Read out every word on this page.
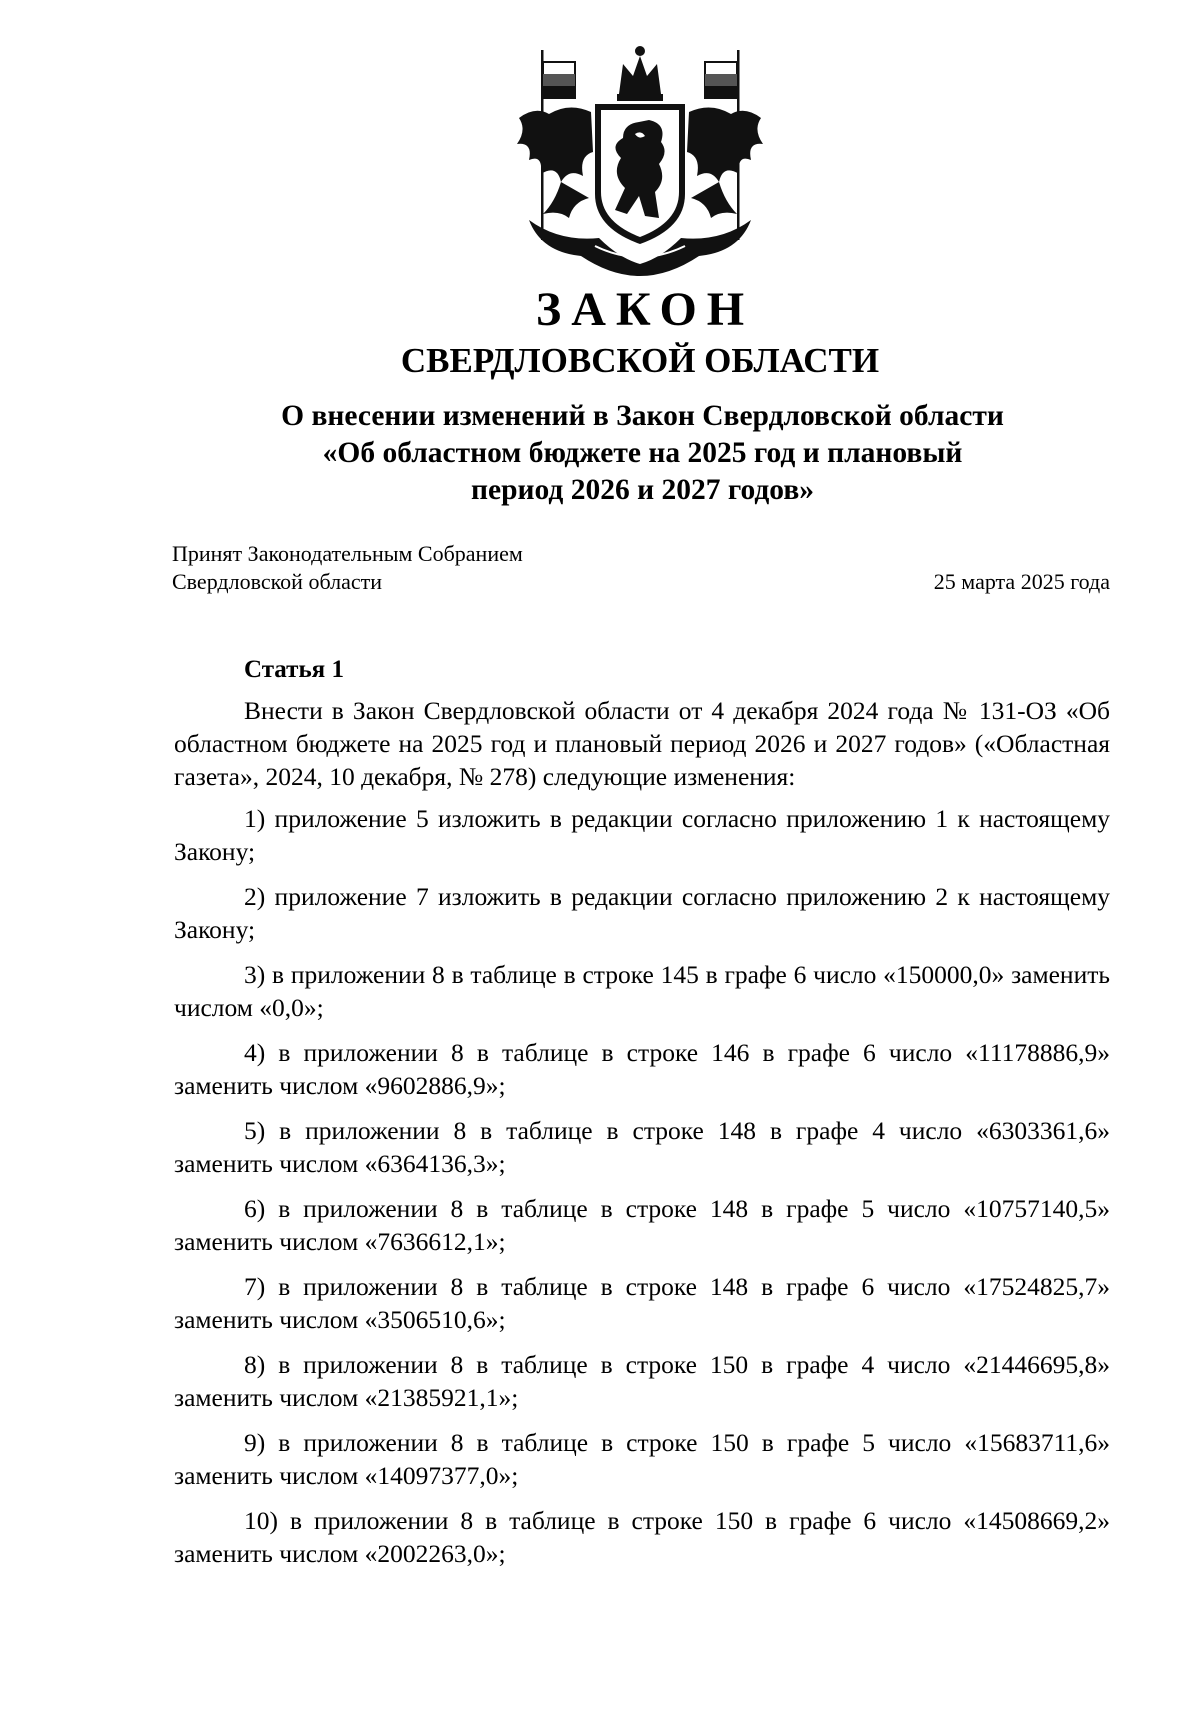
ЗАКОН
СВЕРДЛОВСКОЙ ОБЛАСТИ
О внесении изменений в Закон Свердловской области
«Об областном бюджете на 2025 год и плановый
период 2026 и 2027 годов»
Принят Законодательным Собранием
Свердловской области	25 марта 2025 года
Статья 1

Внести в Закон Свердловской области от 4 декабря 2024 года № 131-ОЗ «Об областном бюджете на 2025 год и плановый период 2026 и 2027 годов» («Областная газета», 2024, 10 декабря, № 278) следующие изменения:

1) приложение 5 изложить в редакции согласно приложению 1 к настоящему Закону;
2) приложение 7 изложить в редакции согласно приложению 2 к настоящему Закону;
3) в приложении 8 в таблице в строке 145 в графе 6 число «150000,0» заменить числом «0,0»;
4) в приложении 8 в таблице в строке 146 в графе 6 число «11178886,9» заменить числом «9602886,9»;
5) в приложении 8 в таблице в строке 148 в графе 4 число «6303361,6» заменить числом «6364136,3»;
6) в приложении 8 в таблице в строке 148 в графе 5 число «10757140,5» заменить числом «7636612,1»;
7) в приложении 8 в таблице в строке 148 в графе 6 число «17524825,7» заменить числом «3506510,6»;
8) в приложении 8 в таблице в строке 150 в графе 4 число «21446695,8» заменить числом «21385921,1»;
9) в приложении 8 в таблице в строке 150 в графе 5 число «15683711,6» заменить числом «14097377,0»;
10) в приложении 8 в таблице в строке 150 в графе 6 число «14508669,2» заменить числом «2002263,0»;
